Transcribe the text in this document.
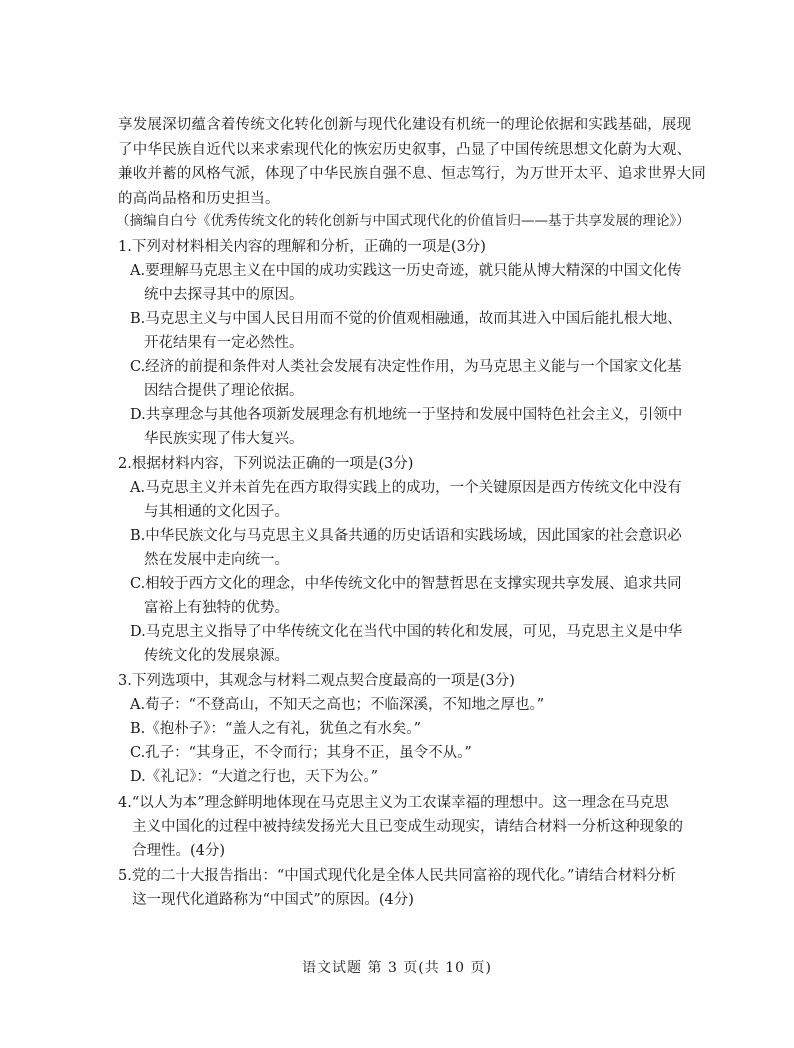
享发展深切蕴含着传统文化转化创新与现代化建设有机统一的理论依据和实践基础，展现
了中华民族自近代以来求索现代化的恢宏历史叙事，凸显了中国传统思想文化蔚为大观、
兼收并蓄的风格气派，体现了中华民族自强不息、恒志笃行，为万世开太平、追求世界大同
的高尚品格和历史担当。

（摘编自白兮《优秀传统文化的转化创新与中国式现代化的价值旨归——基于共享发展的理论》）

1.下列对材料相关内容的理解和分析，正确的一项是(3分)

A.要理解马克思主义在中国的成功实践这一历史奇迹，就只能从博大精深的中国文化传
统中去探寻其中的原因。

B.马克思主义与中国人民日用而不觉的价值观相融通，故而其进入中国后能扎根大地、
开花结果有一定必然性。

C.经济的前提和条件对人类社会发展有决定性作用，为马克思主义能与一个国家文化基
因结合提供了理论依据。

D.共享理念与其他各项新发展理念有机地统一于坚持和发展中国特色社会主义，引领中
华民族实现了伟大复兴。

2.根据材料内容，下列说法正确的一项是(3分)

A.马克思主义并未首先在西方取得实践上的成功，一个关键原因是西方传统文化中没有
与其相通的文化因子。

B.中华民族文化与马克思主义具备共通的历史话语和实践场域，因此国家的社会意识必
然在发展中走向统一。

C.相较于西方文化的理念，中华传统文化中的智慧哲思在支撑实现共享发展、追求共同
富裕上有独特的优势。

D.马克思主义指导了中华传统文化在当代中国的转化和发展，可见，马克思主义是中华
传统文化的发展泉源。

3.下列选项中，其观念与材料二观点契合度最高的一项是(3分)

A.荀子：“不登高山，不知天之高也；不临深溪，不知地之厚也。”

B.《抱朴子》：“盖人之有礼，犹鱼之有水矣。”

C.孔子：“其身正，不令而行；其身不正，虽令不从。”

D.《礼记》：“大道之行也，天下为公。”

4.“以人为本”理念鲜明地体现在马克思主义为工农谋幸福的理想中。这一理念在马克思
主义中国化的过程中被持续发扬光大且已变成生动现实，请结合材料一分析这种现象的
合理性。(4分)

5.党的二十大报告指出：“中国式现代化是全体人民共同富裕的现代化。”请结合材料分析
这一现代化道路称为“中国式”的原因。(4分)

语文试题 第 3 页(共 10 页)
